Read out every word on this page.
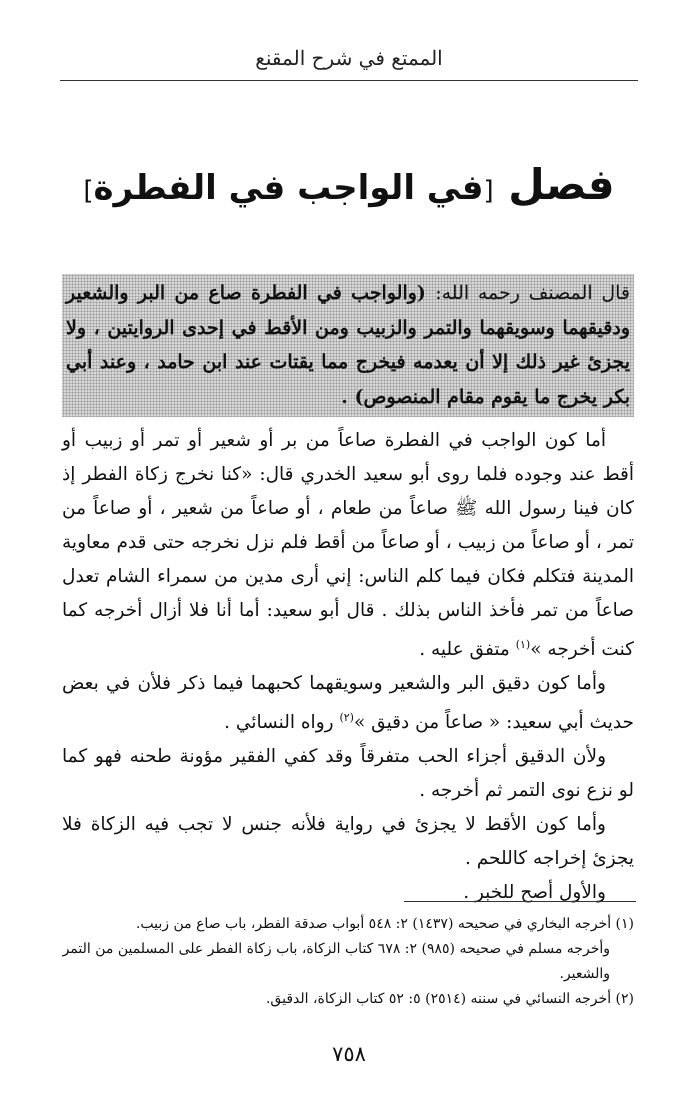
الممتع في شرح المقنع
فصل [في الواجب في الفطرة]
قال المصنف رحمه الله: (والواجب في الفطرة صاع من البر والشعير ودقيقهما وسويقهما والتمر والزبيب ومن الأقط في إحدى الروايتين ، ولا يجزئ غير ذلك إلا أن يعدمه فيخرج مما يقتات عند ابن حامد ، وعند أبي بكر يخرج ما يقوم مقام المنصوص) .

أما كون الواجب في الفطرة صاعاً من بر أو شعير أو تمر أو زبيب أو أقط عند وجوده فلما روى أبو سعيد الخدري قال: «كنا نخرج زكاة الفطر إذ كان فينا رسول الله ﷺ صاعاً من طعام ، أو صاعاً من شعير ، أو صاعاً من تمر ، أو صاعاً من زبيب ، أو صاعاً من أقط فلم نزل نخرجه حتى قدم معاوية المدينة فتكلم فكان فيما كلم الناس: إني أرى مدين من سمراء الشام تعدل صاعاً من تمر فأخذ الناس بذلك . قال أبو سعيد: أما أنا فلا أزال أخرجه كما كنت أخرجه »$^{(١)}$ متفق عليه .

وأما كون دقيق البر والشعير وسويقهما كحبهما فيما ذكر فلأن في بعض حديث أبي سعيد: « صاعاً من دقيق »$^{(٢)}$ رواه النسائي .

ولأن الدقيق أجزاء الحب متفرقاً وقد كفي الفقير مؤونة طحنه فهو كما لو نزع نوى التمر ثم أخرجه .

وأما كون الأقط لا يجزئ في رواية فلأنه جنس لا تجب فيه الزكاة فلا يجزئ إخراجه كاللحم .

والأول أصح للخبر .

(١) أخرجه البخاري في صحيحه (١٤٣٧) ٢: ٥٤٨ أبواب صدقة الفطر، باب صاع من زبيب.

وأخرجه مسلم في صحيحه (٩٨٥) ٢: ٦٧٨ كتاب الزكاة، باب زكاة الفطر على المسلمين من التمر والشعير.

(٢) أخرجه النسائي في سننه (٢٥١٤) ٥: ٥٢ كتاب الزكاة، الدقيق.

٧٥٨
